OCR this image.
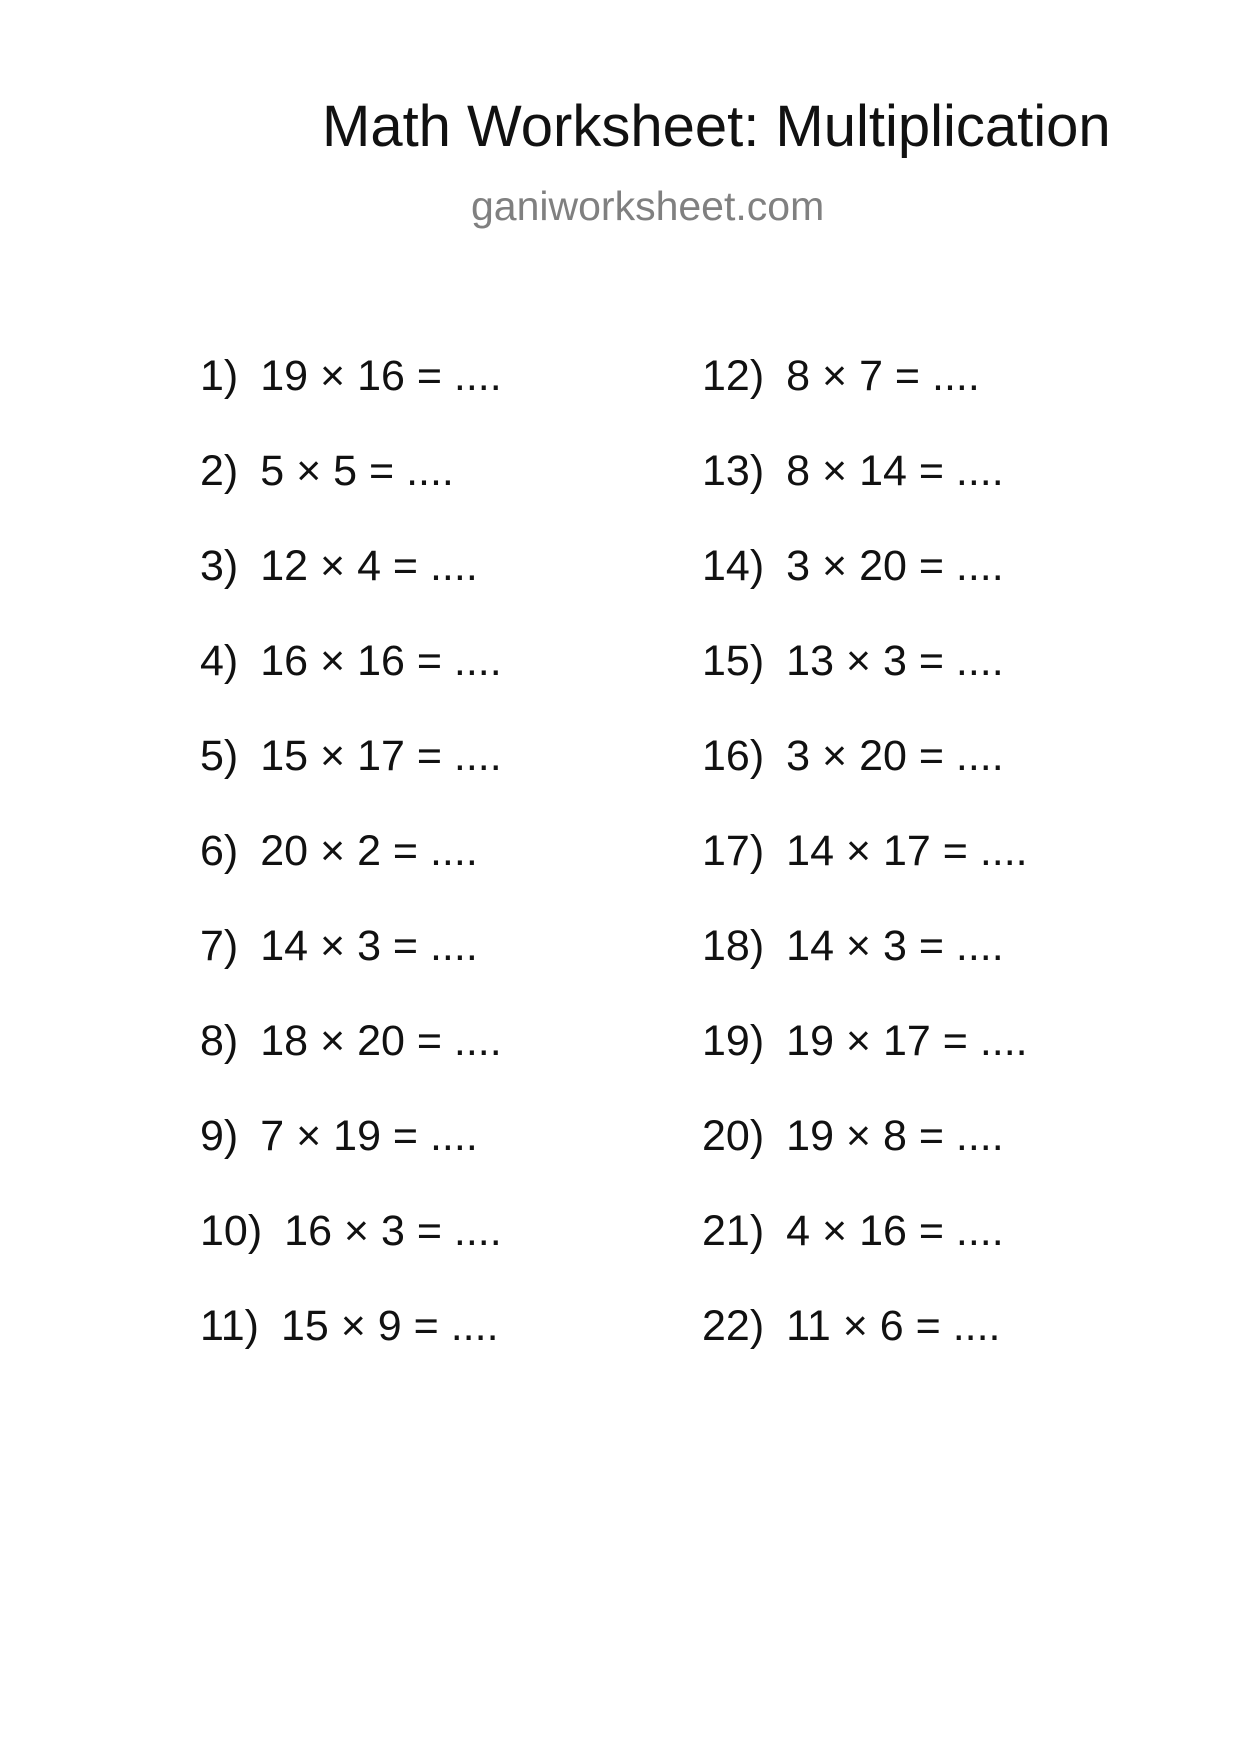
Math Worksheet: Multiplication
ganiworksheet.com
1) 19 × 16 = ....
2) 5 × 5 = ....
3) 12 × 4 = ....
4) 16 × 16 = ....
5) 15 × 17 = ....
6) 20 × 2 = ....
7) 14 × 3 = ....
8) 18 × 20 = ....
9) 7 × 19 = ....
10) 16 × 3 = ....
11) 15 × 9 = ....
12) 8 × 7 = ....
13) 8 × 14 = ....
14) 3 × 20 = ....
15) 13 × 3 = ....
16) 3 × 20 = ....
17) 14 × 17 = ....
18) 14 × 3 = ....
19) 19 × 17 = ....
20) 19 × 8 = ....
21) 4 × 16 = ....
22) 11 × 6 = ....
